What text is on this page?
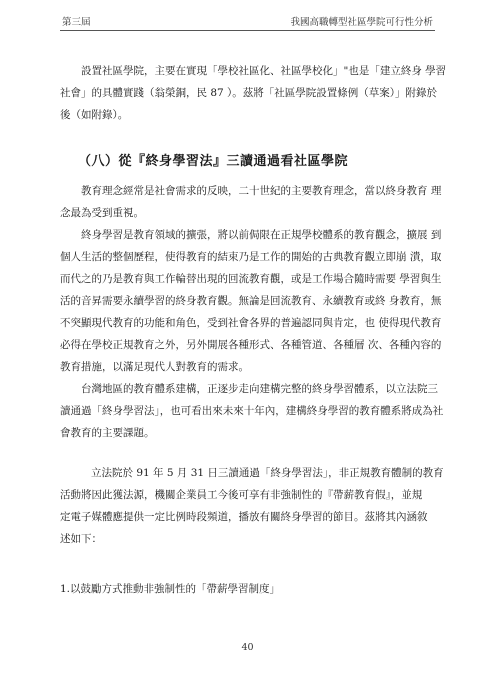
第三屆	我國高職轉型社區學院可行性分析

設置社區學院，主要在實現「學校社區化、社區學校化」"也是「建立終身 學習
社會」的具體實踐（翁榮銅，民 87 ）。茲將「社區學院設置條例（草案）」附錄於
後（如附錄）。

（八）從『終身學習法』三讀通過看社區學院

教育理念經常是社會需求的反映，二十世紀的主要教育理念，當以終身教育 理
念最為受到重視。

終身學習是教育領域的擴張，將以前侷限在正規學校體系的教育觀念，擴展 到
個人生活的整個歷程，使得教育的結束乃是工作的開始的古典教育觀立即崩 潰，取
而代之的乃是教育與工作輪替出現的回流教育觀，或是工作場合隨時需要 學習與生
活的音昇需要永續學習的終身教育觀。無論是回流教育、永續教育或終 身教育，無
不突顯現代教育的功能和角色，受到社會各界的普遍認同與肯定，也 使得現代教育
必得在學校正規教育之外，另外開展各種形式、各種管道、各種層 次、各種內容的
教育措施，以滿足現代人對教育的需求。

台灣地區的教育體系建構，正逐步走向建構完整的終身學習體系，以立法院三
讀通過「終身學習法」，也可看出來未來十年內，建構終身學習的教育體系將成為社
會教育的主要課題。

立法院於 91 年 5 月 31 日三讀通過「終身學習法」，非正規教育體制的教育
活動將因此獲法源，機關企業員工今後可享有非強制性的『帶薪教育假』，並規
定電子媒體應提供一定比例時段頻道，播放有關終身學習的節目。茲將其內涵敘
述如下：

1.以鼓勵方式推動非強制性的「帶薪學習制度」

40
